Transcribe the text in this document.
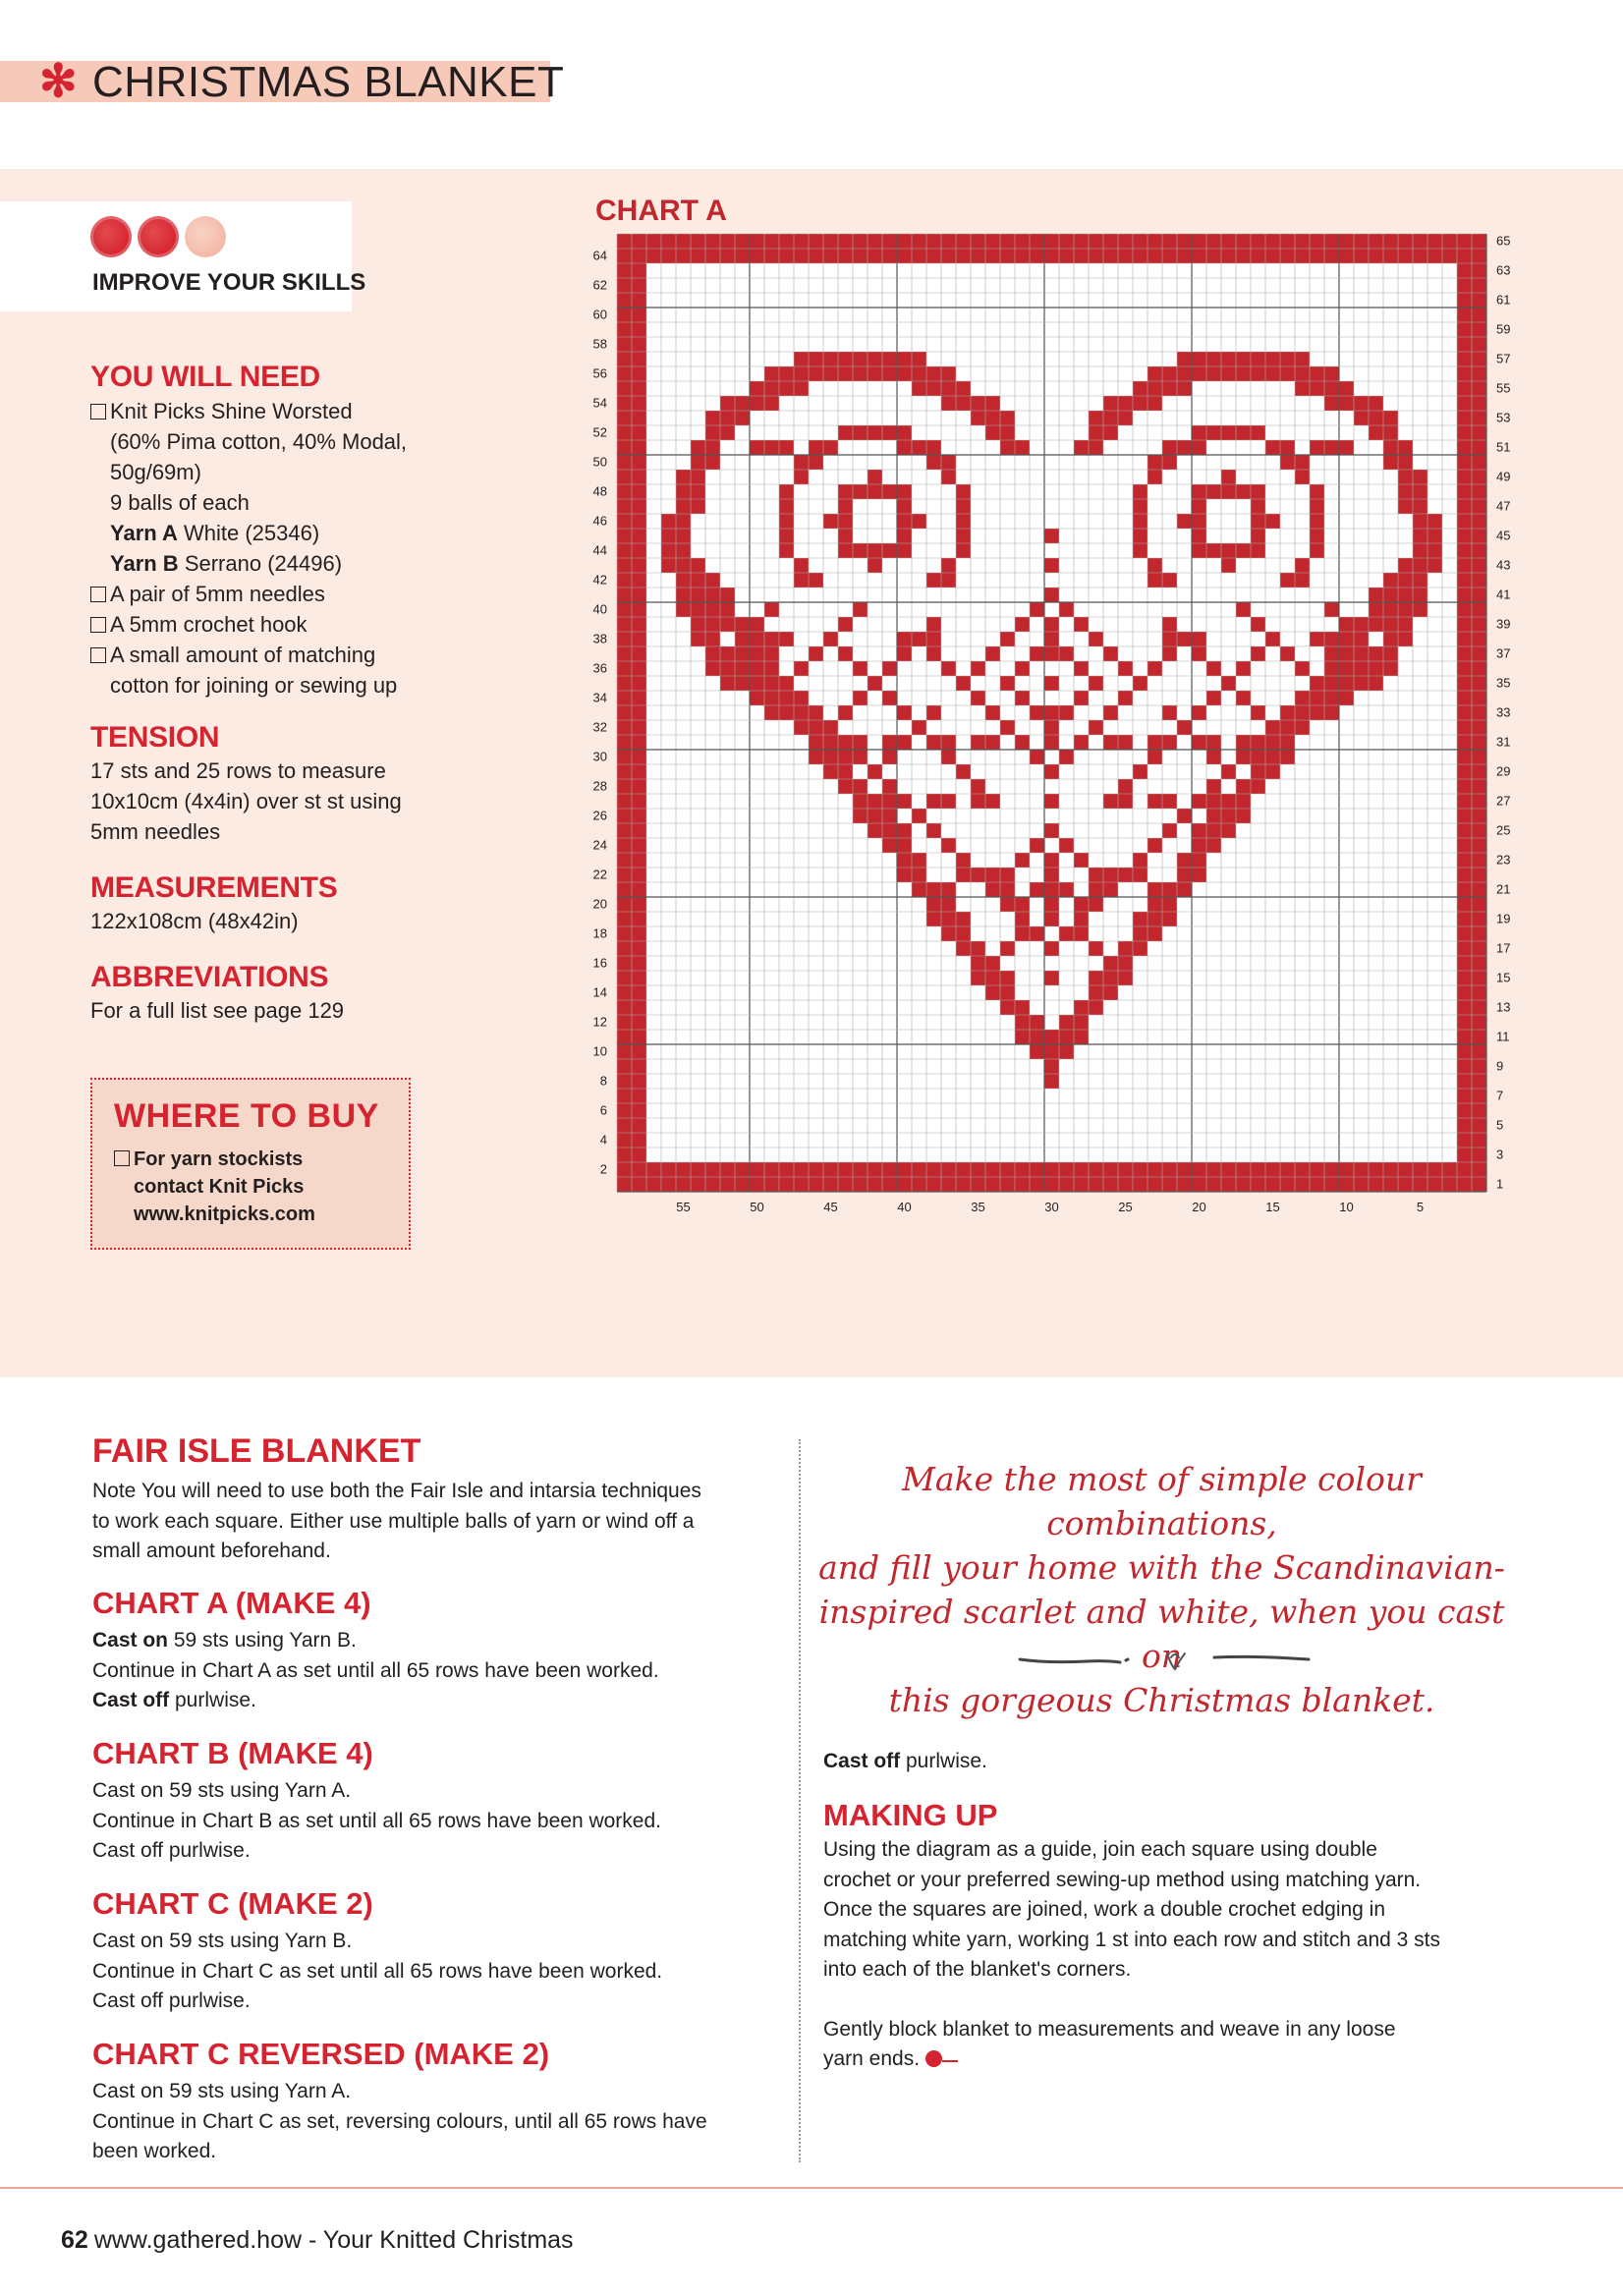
✻ CHRISTMAS BLANKET
IMPROVE YOUR SKILLS
YOU WILL NEED

Knit Picks Shine Worsted

(60% Pima cotton, 40% Modal,

50g/69m)

9 balls of each

Yarn A White (25346)

Yarn B Serrano (24496)

A pair of 5mm needles

A 5mm crochet hook

A small amount of matching

cotton for joining or sewing up

TENSION

17 sts and 25 rows to measure

10x10cm (4x4in) over st st using

5mm needles

MEASUREMENTS
122x108cm (48x42in)
ABBREVIATIONS
For a full list see page 129
WHERE TO BUY
For yarn stockists
contact Knit Picks
www.knitpicks.com
CHART A
64
62
60
58
56
54
52
50
48
46
44
42
40
38
36
34
32
30
28
26
24
22
20
18
16
14
12
10
8
6
4
2
65
63
61
59
57
55
53
51
49
47
45
43
41
39
37
35
33
31
29
27
25
23
21
19
17
15
13
11
9
7
5
3
1
55	50	45	40	35	30	25	20	15	10	5
FAIR ISLE BLANKET

Note You will need to use both the Fair Isle and intarsia techniques

to work each square. Either use multiple balls of yarn or wind off a

small amount beforehand.

CHART A (MAKE 4)

Cast on 59 sts using Yarn B.

Continue in Chart A as set until all 65 rows have been worked.

Cast off purlwise.

CHART B (MAKE 4)

Cast on 59 sts using Yarn A.

Continue in Chart B as set until all 65 rows have been worked.

Cast off purlwise.

CHART C (MAKE 2)

Cast on 59 sts using Yarn B.

Continue in Chart C as set until all 65 rows have been worked.

Cast off purlwise.

CHART C REVERSED (MAKE 2)

Cast on 59 sts using Yarn A.

Continue in Chart C as set, reversing colours, until all 65 rows have

been worked.

Make the most of simple colour combinations,
and fill your home with the Scandinavian-
inspired scarlet and white, when you cast on
this gorgeous Christmas blanket.

Cast off purlwise.

MAKING UP

Using the diagram as a guide, join each square using double

crochet or your preferred sewing-up method using matching yarn.

Once the squares are joined, work a double crochet edging in

matching white yarn, working 1 st into each row and stitch and 3 sts

into each of the blanket's corners.

Gently block blanket to measurements and weave in any loose

yarn ends.

62 www.gathered.how - Your Knitted Christmas
